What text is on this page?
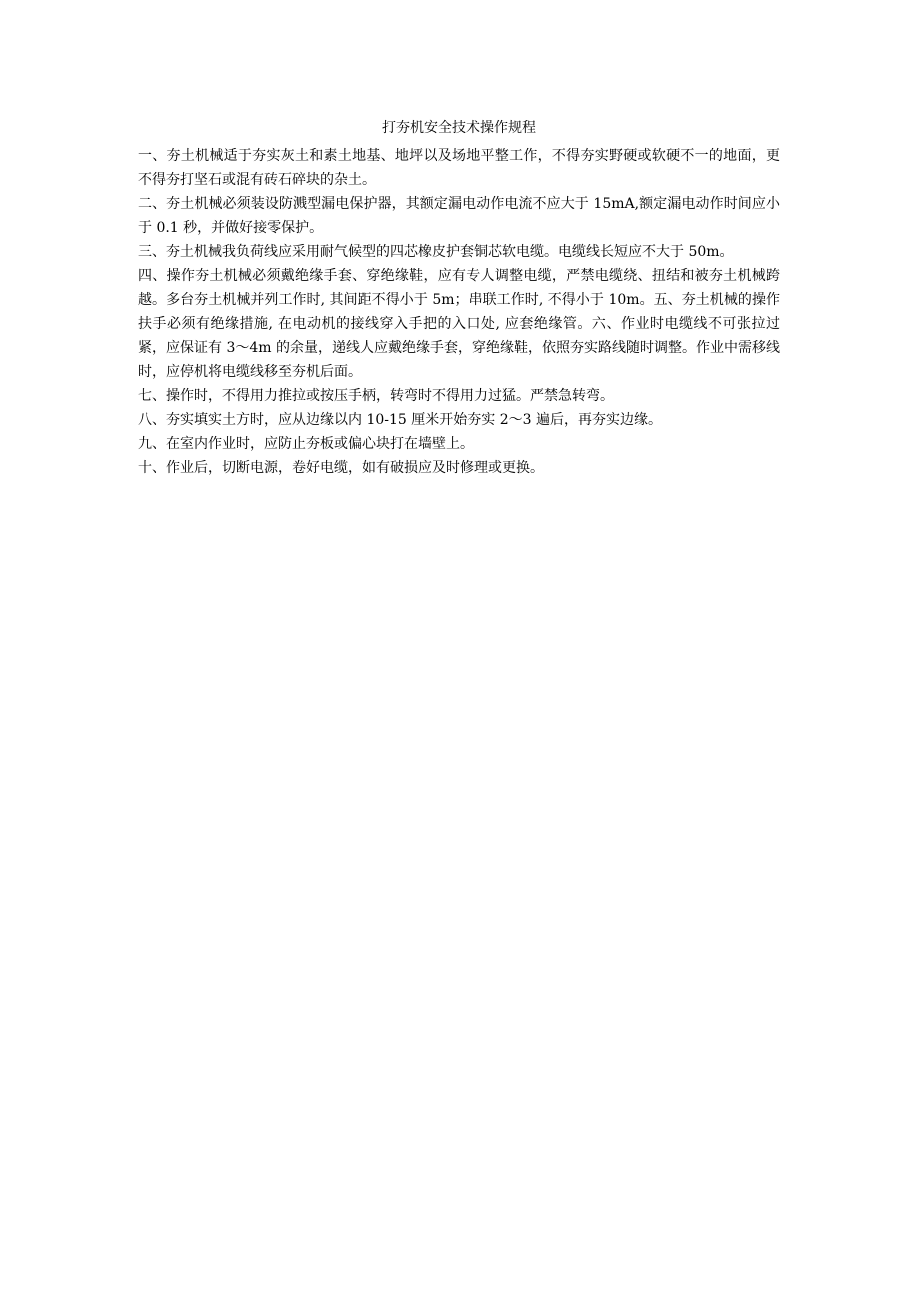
打夯机安全技术操作规程

一、夯土机械适于夯实灰土和素土地基、地坪以及场地平整工作，不得夯实野硬或软硬不一的地面，更不得夯打坚石或混有砖石碎块的杂土。

二、夯土机械必须装设防溅型漏电保护器，其额定漏电动作电流不应大于 15mA,额定漏电动作时间应小于 0.1 秒，并做好接零保护。

三、夯土机械我负荷线应采用耐气候型的四芯橡皮护套铜芯软电缆。电缆线长短应不大于 50m。

四、操作夯土机械必须戴绝缘手套、穿绝缘鞋，应有专人调整电缆，严禁电缆绕、扭结和被夯土机械跨越。多台夯土机械并列工作时, 其间距不得小于 5m；串联工作时, 不得小于 10m。五、夯土机械的操作扶手必须有绝缘措施, 在电动机的接线穿入手把的入口处, 应套绝缘管。六、作业时电缆线不可张拉过紧，应保证有 3～4m 的余量，递线人应戴绝缘手套，穿绝缘鞋，依照夯实路线随时调整。作业中需移线时，应停机将电缆线移至夯机后面。

七、操作时，不得用力推拉或按压手柄，转弯时不得用力过猛。严禁急转弯。

八、夯实填实土方时，应从边缘以内 10-15 厘米开始夯实 2～3 遍后，再夯实边缘。

九、在室内作业时，应防止夯板或偏心块打在墙壁上。

十、作业后，切断电源，卷好电缆，如有破损应及时修理或更换。
